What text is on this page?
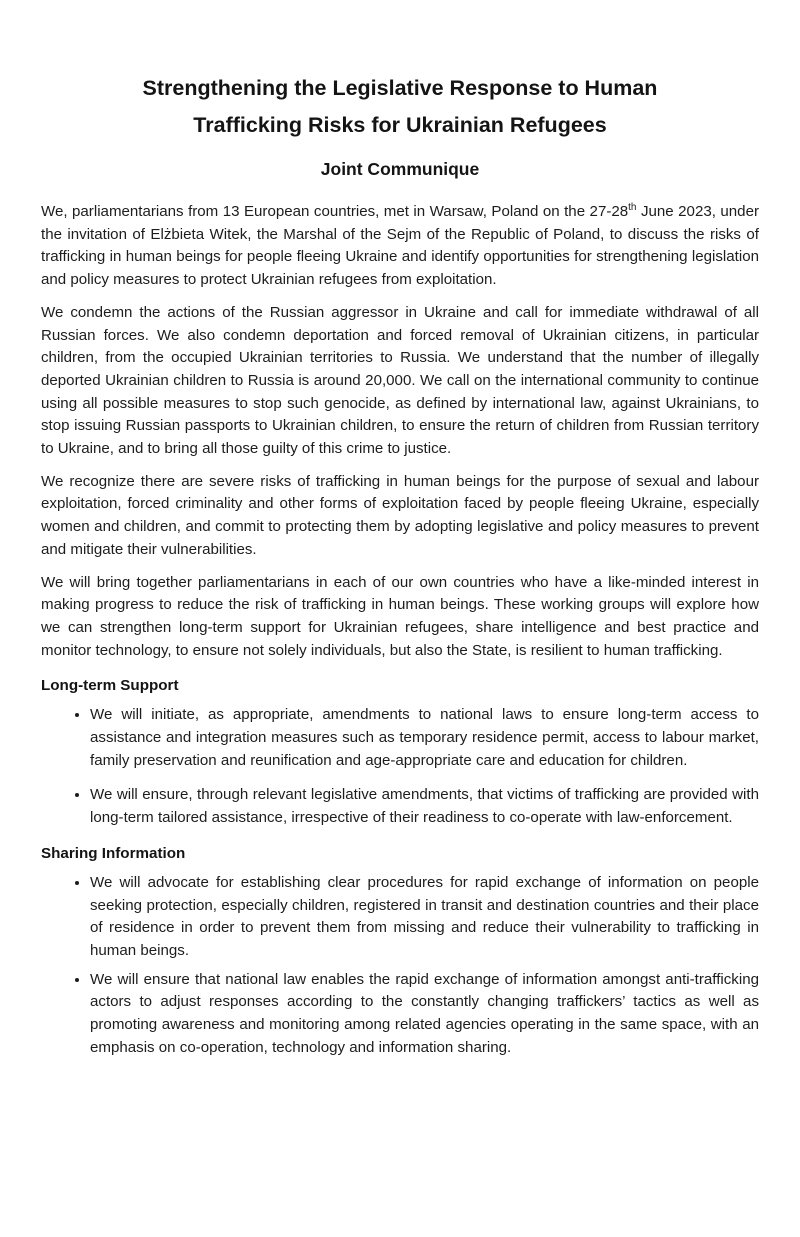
Strengthening the Legislative Response to Human
Trafficking Risks for Ukrainian Refugees
Joint Communique

We, parliamentarians from 13 European countries, met in Warsaw, Poland on the 27-28th June 2023, under the invitation of Elżbieta Witek, the Marshal of the Sejm of the Republic of Poland, to discuss the risks of trafficking in human beings for people fleeing Ukraine and identify opportunities for strengthening legislation and policy measures to protect Ukrainian refugees from exploitation.

We condemn the actions of the Russian aggressor in Ukraine and call for immediate withdrawal of all Russian forces. We also condemn deportation and forced removal of Ukrainian citizens, in particular children, from the occupied Ukrainian territories to Russia. We understand that the number of illegally deported Ukrainian children to Russia is around 20,000. We call on the international community to continue using all possible measures to stop such genocide, as defined by international law, against Ukrainians, to stop issuing Russian passports to Ukrainian children, to ensure the return of children from Russian territory to Ukraine, and to bring all those guilty of this crime to justice.

We recognize there are severe risks of trafficking in human beings for the purpose of sexual and labour exploitation, forced criminality and other forms of exploitation faced by people fleeing Ukraine, especially women and children, and commit to protecting them by adopting legislative and policy measures to prevent and mitigate their vulnerabilities.

We will bring together parliamentarians in each of our own countries who have a like-minded interest in making progress to reduce the risk of trafficking in human beings. These working groups will explore how we can strengthen long-term support for Ukrainian refugees, share intelligence and best practice and monitor technology, to ensure not solely individuals, but also the State, is resilient to human trafficking.

Long-term Support
• We will initiate, as appropriate, amendments to national laws to ensure long-term access to assistance and integration measures such as temporary residence permit, access to labour market, family preservation and reunification and age-appropriate care and education for children.
• We will ensure, through relevant legislative amendments, that victims of trafficking are provided with long-term tailored assistance, irrespective of their readiness to co-operate with law-enforcement.
Sharing Information
• We will advocate for establishing clear procedures for rapid exchange of information on people seeking protection, especially children, registered in transit and destination countries and their place of residence in order to prevent them from missing and reduce their vulnerability to trafficking in human beings.
• We will ensure that national law enables the rapid exchange of information amongst anti-trafficking actors to adjust responses according to the constantly changing traffickers’ tactics as well as promoting awareness and monitoring among related agencies operating in the same space, with an emphasis on co-operation, technology and information sharing.
